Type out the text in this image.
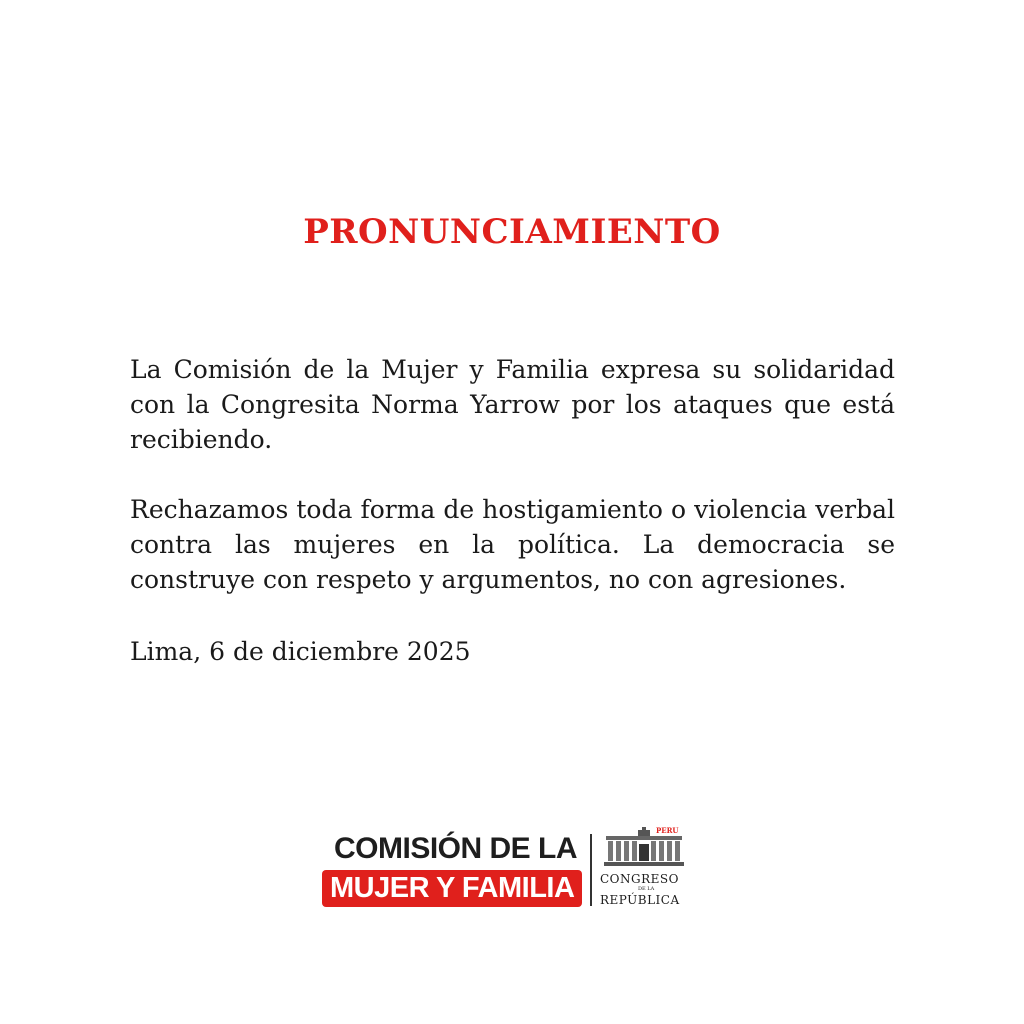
PRONUNCIAMIENTO

La Comisión de la Mujer y Familia expresa su solidaridad con la Congresita Norma Yarrow por los ataques que está recibiendo.

Rechazamos toda forma de hostigamiento o violencia verbal contra las mujeres en la política. La democracia se construye con respeto y argumentos, no con agresiones.

Lima, 6 de diciembre 2025

COMISIÓN DE LA
MUJER Y FAMILIA
PERU
CONGRESO
DE LA
REPÚBLICA
